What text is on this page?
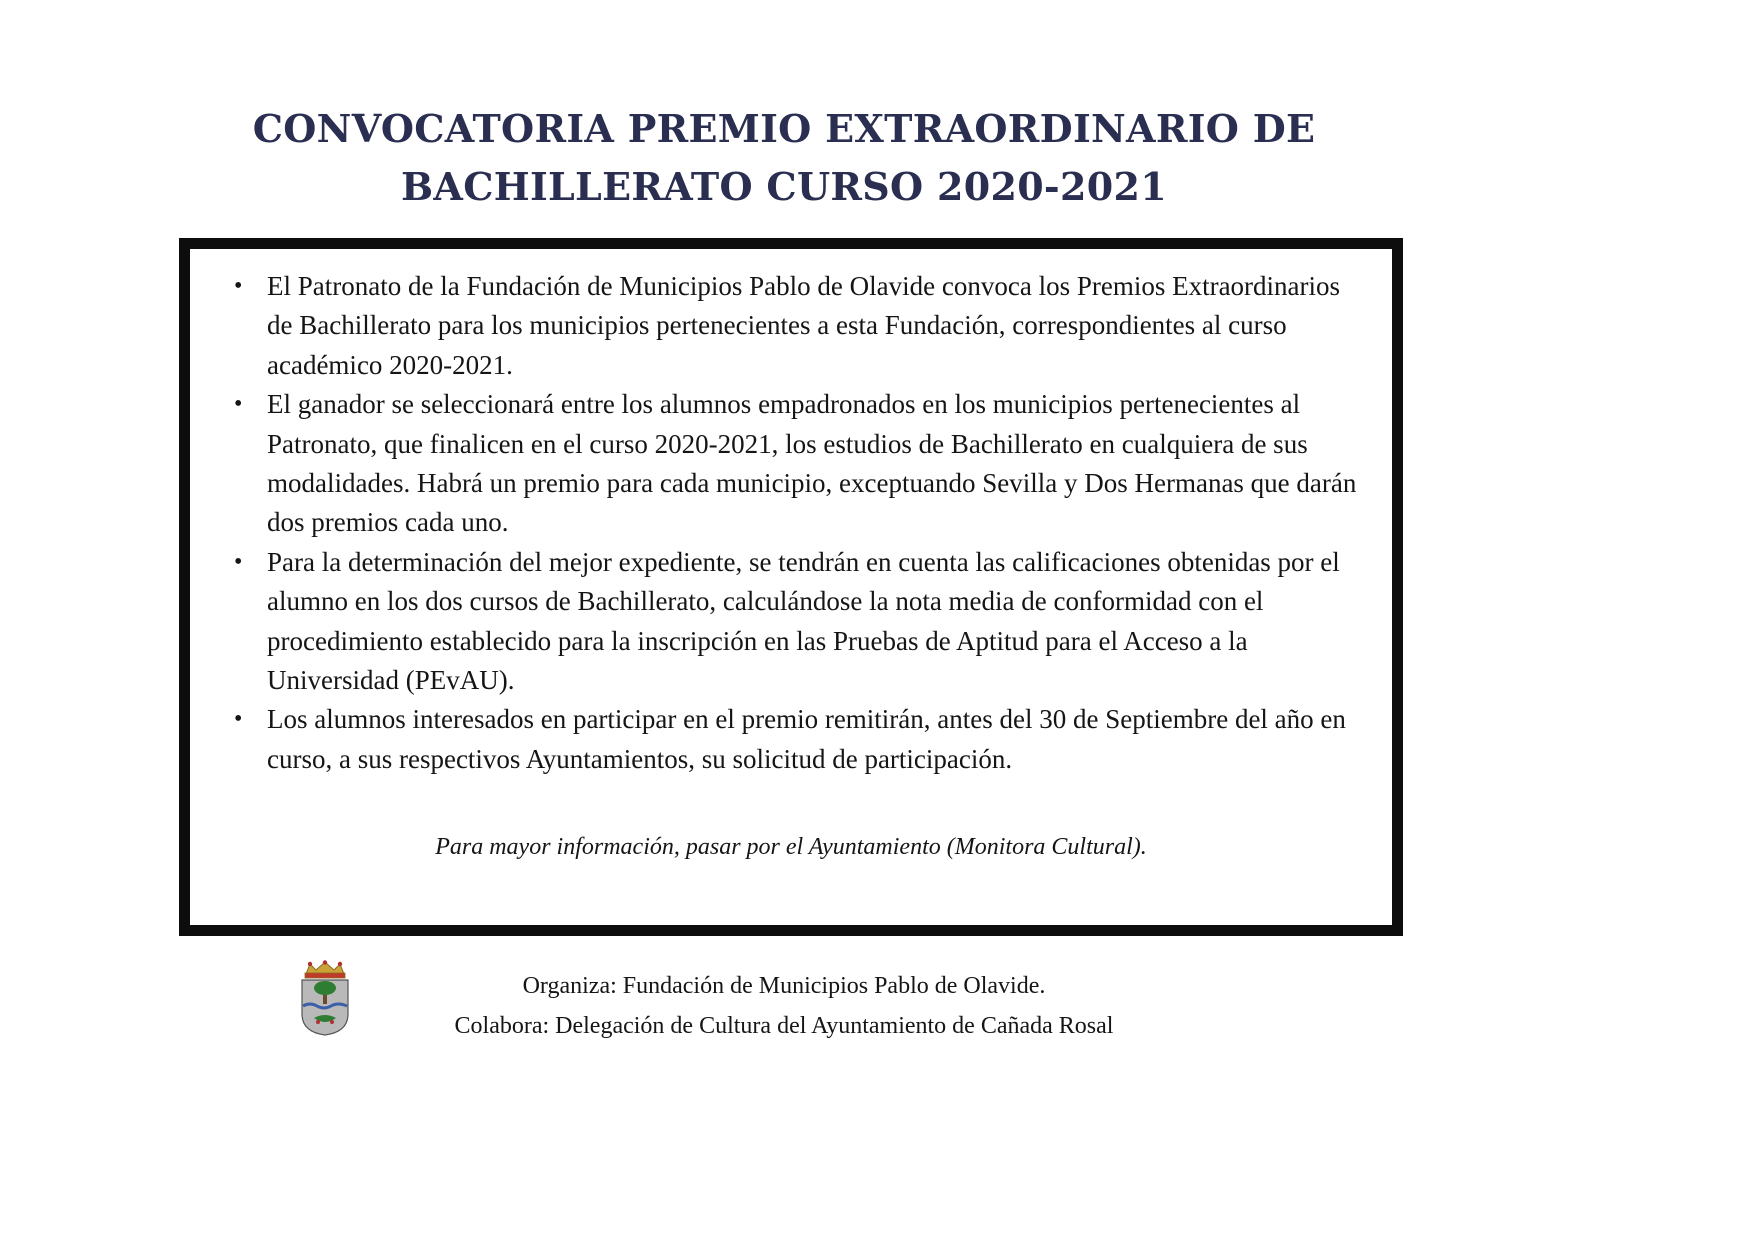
CONVOCATORIA PREMIO EXTRAORDINARIO DE
BACHILLERATO CURSO 2020-2021
• El Patronato de la Fundación de Municipios Pablo de Olavide convoca los Premios Extraordinarios de Bachillerato para los municipios pertenecientes a esta Fundación, correspondientes al curso académico 2020-2021.
• El ganador se seleccionará entre los alumnos empadronados en los municipios pertenecientes al Patronato, que finalicen en el curso 2020-2021, los estudios de Bachillerato en cualquiera de sus modalidades. Habrá un premio para cada municipio, exceptuando Sevilla y Dos Hermanas que darán dos premios cada uno.
• Para la determinación del mejor expediente, se tendrán en cuenta las calificaciones obtenidas por el alumno en los dos cursos de Bachillerato, calculándose la nota media de conformidad con el procedimiento establecido para la inscripción en las Pruebas de Aptitud para el Acceso a la Universidad (PEvAU).
• Los alumnos interesados en participar en el premio remitirán, antes del 30 de Septiembre del año en curso, a sus respectivos Ayuntamientos, su solicitud de participación.
Para mayor información, pasar por el Ayuntamiento (Monitora Cultural).
Organiza: Fundación de Municipios Pablo de Olavide.
Colabora: Delegación de Cultura del Ayuntamiento de Cañada Rosal
